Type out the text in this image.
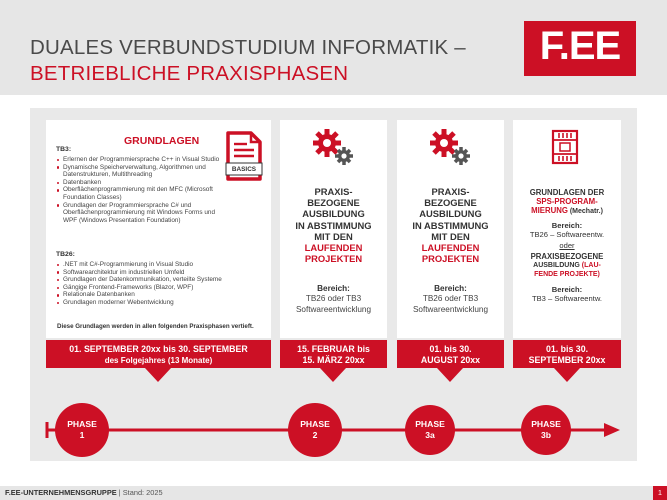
DUALES VERBUNDSTUDIUM INFORMATIK –
BETRIEBLICHE PRAXISPHASEN
F.EE
GRUNDLAGEN
BASICS
TB3:
Erlernen der Programmiersprache C++ in Visual Studio
Dynamische Speicherverwaltung, Algorithmen und Datenstrukturen, Multithreading
Datenbanken
Oberflächenprogrammierung mit den MFC (Microsoft Foundation Classes)
Grundlagen der Programmiersprache C# und Oberflächenprogrammierung mit Windows Forms und WPF (Windows Presentation Foundation)
TB26:
.NET mit C#-Programmierung in Visual Studio
Softwarearchitektur im industriellen Umfeld
Grundlagen der Datenkommunikation, verteilte Systeme
Gängige Frontend-Frameworks (Blazor, WPF)
Relationale Datenbanken
Grundlagen moderner Webentwicklung
Diese Grundlagen werden in allen folgenden Praxisphasen vertieft.
PRAXIS-
BEZOGENE
AUSBILDUNG
IN ABSTIMMUNG
MIT DEN
LAUFENDEN
PROJEKTEN
Bereich:
TB26 oder TB3
Softwareentwicklung
PRAXIS-
BEZOGENE
AUSBILDUNG
IN ABSTIMMUNG
MIT DEN
LAUFENDEN
PROJEKTEN
Bereich:
TB26 oder TB3
Softwareentwicklung
GRUNDLAGEN DER
SPS-PROGRAM-
MIERUNG (Mechatr.)
Bereich:
TB26 – Softwareentw.
oder
PRAXISBEZOGENE
AUSBILDUNG (LAU-
FENDE PROJEKTE)
Bereich:
TB3 – Softwareentw.
01. SEPTEMBER 20xx bis 30. SEPTEMBER
des Folgejahres (13 Monate)
15. FEBRUAR bis
15. MÄRZ 20xx
01. bis 30.
AUGUST 20xx
01. bis 30.
SEPTEMBER 20xx
PHASE
1
PHASE
2
PHASE
3a
PHASE
3b
F.EE-UNTERNEHMENSGRUPPE | Stand: 2025	1
